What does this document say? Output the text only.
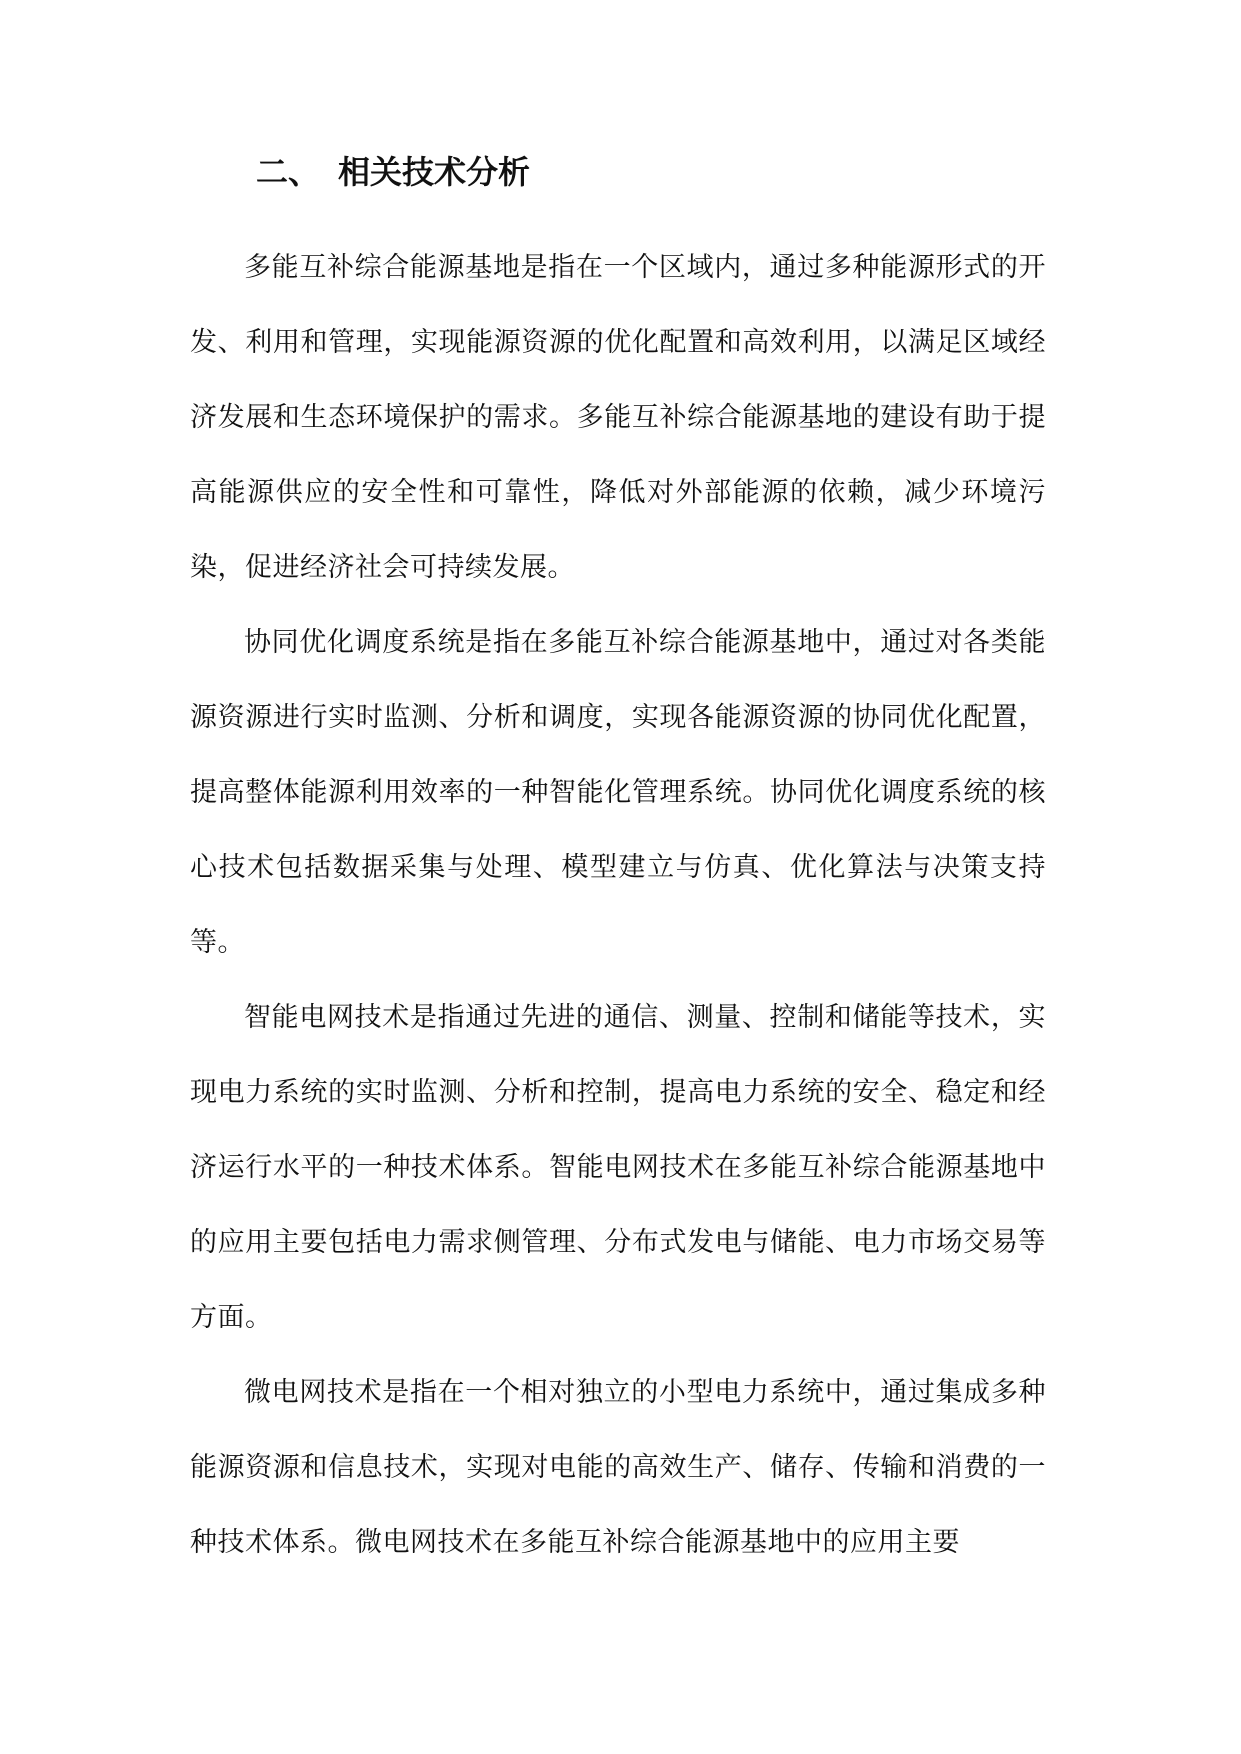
二、 相关技术分析

多能互补综合能源基地是指在一个区域内，通过多种能源形式的开发、利用和管理，实现能源资源的优化配置和高效利用，以满足区域经济发展和生态环境保护的需求。多能互补综合能源基地的建设有助于提高能源供应的安全性和可靠性，降低对外部能源的依赖，减少环境污染，促进经济社会可持续发展。

协同优化调度系统是指在多能互补综合能源基地中，通过对各类能源资源进行实时监测、分析和调度，实现各能源资源的协同优化配置，提高整体能源利用效率的一种智能化管理系统。协同优化调度系统的核心技术包括数据采集与处理、模型建立与仿真、优化算法与决策支持等。

智能电网技术是指通过先进的通信、测量、控制和储能等技术，实现电力系统的实时监测、分析和控制，提高电力系统的安全、稳定和经济运行水平的一种技术体系。智能电网技术在多能互补综合能源基地中的应用主要包括电力需求侧管理、分布式发电与储能、电力市场交易等方面。

微电网技术是指在一个相对独立的小型电力系统中，通过集成多种能源资源和信息技术，实现对电能的高效生产、储存、传输和消费的一种技术体系。微电网技术在多能互补综合能源基地中的应用主要
